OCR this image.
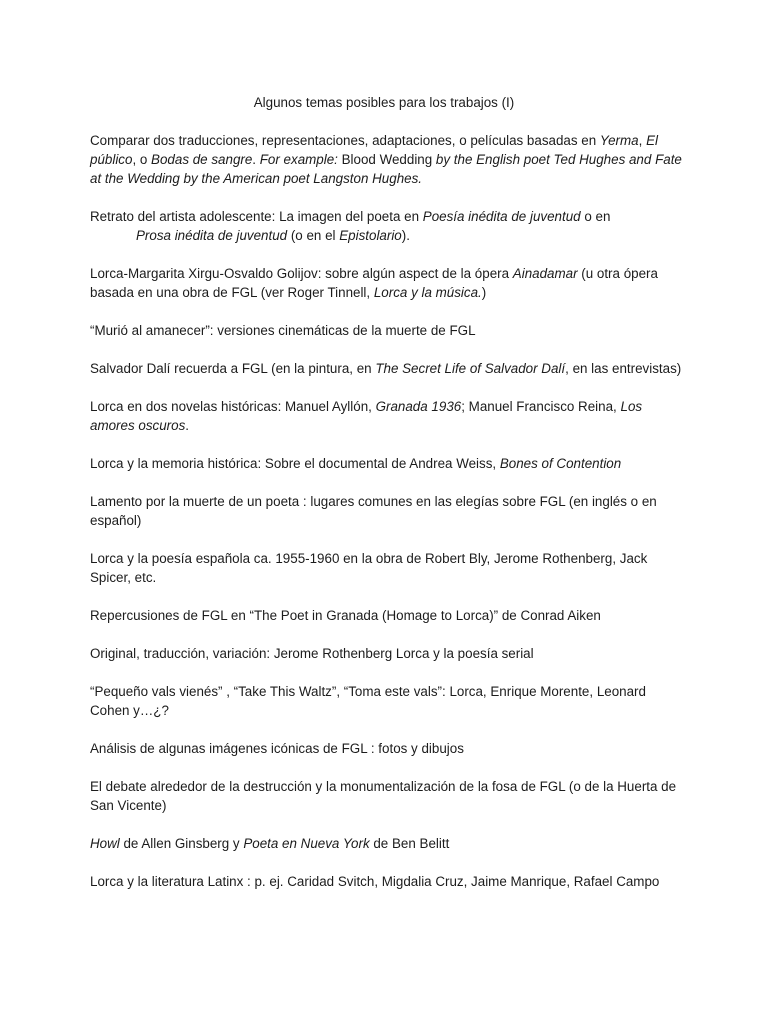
Algunos temas posibles para los trabajos (I)

Comparar dos traducciones, representaciones, adaptaciones, o películas basadas en Yerma, El público, o Bodas de sangre. For example: Blood Wedding by the English poet Ted Hughes and Fate at the Wedding by the American poet Langston Hughes.

Retrato del artista adolescente: La imagen del poeta en Poesía inédita de juventud o en
Prosa inédita de juventud (o en el Epistolario).

Lorca-Margarita Xirgu-Osvaldo Golijov: sobre algún aspect de la ópera Ainadamar (u otra ópera basada en una obra de FGL (ver Roger Tinnell, Lorca y la música.)

“Murió al amanecer”: versiones cinemáticas de la muerte de FGL

Salvador Dalí recuerda a FGL (en la pintura, en The Secret Life of Salvador Dalí, en las entrevistas)

Lorca en dos novelas históricas: Manuel Ayllón, Granada 1936; Manuel Francisco Reina, Los amores oscuros.

Lorca y la memoria histórica: Sobre el documental de Andrea Weiss, Bones of Contention

Lamento por la muerte de un poeta : lugares comunes en las elegías sobre FGL (en inglés o en español)

Lorca y la poesía española ca. 1955-1960 en la obra de Robert Bly, Jerome Rothenberg, Jack Spicer, etc.

Repercusiones de FGL en “The Poet in Granada (Homage to Lorca)” de Conrad Aiken

Original, traducción, variación: Jerome Rothenberg Lorca y la poesía serial

“Pequeño vals vienés” , “Take This Waltz”, “Toma este vals”: Lorca, Enrique Morente, Leonard Cohen y…¿?

Análisis de algunas imágenes icónicas de FGL : fotos y dibujos

El debate alrededor de la destrucción y la monumentalización de la fosa de FGL (o de la Huerta de San Vicente)

Howl de Allen Ginsberg y Poeta en Nueva York de Ben Belitt

Lorca y la literatura Latinx : p. ej. Caridad Svitch, Migdalia Cruz, Jaime Manrique, Rafael Campo
